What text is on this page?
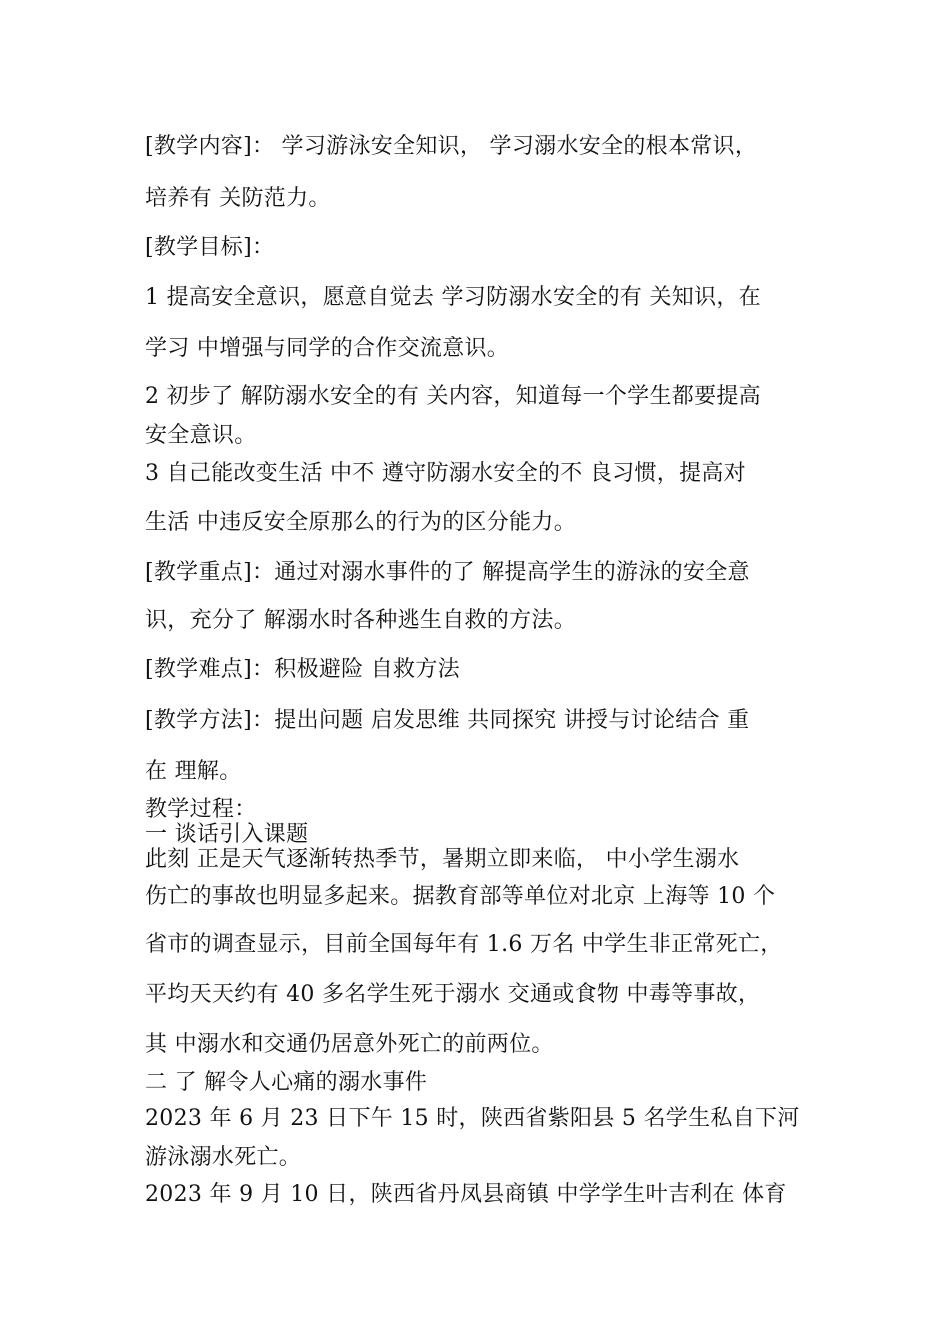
[教学内容]： 学习游泳安全知识， 学习溺水安全的根本常识，
培养有 关防范力。
[教学目标]：
1 提高安全意识，愿意自觉去 学习防溺水安全的有 关知识，在
学习 中增强与同学的合作交流意识。
2 初步了 解防溺水安全的有 关内容，知道每一个学生都要提高
安全意识。
3 自己能改变生活 中不 遵守防溺水安全的不 良习惯，提高对
生活 中违反安全原那么的行为的区分能力。
[教学重点]：通过对溺水事件的了 解提高学生的游泳的安全意
识，充分了 解溺水时各种逃生自救的方法。
[教学难点]：积极避险 自救方法
[教学方法]：提出问题 启发思维 共同探究 讲授与讨论结合 重
在 理解。
教学过程：
一 谈话引入课题
此刻 正是天气逐渐转热季节，暑期立即来临， 中小学生溺水
伤亡的事故也明显多起来。据教育部等单位对北京 上海等 10 个
省市的调查显示，目前全国每年有 1.6 万名 中学生非正常死亡，
平均天天约有 40 多名学生死于溺水 交通或食物 中毒等事故，
其 中溺水和交通仍居意外死亡的前两位。
二 了 解令人心痛的溺水事件
2023 年 6 月 23 日下午 15 时，陕西省紫阳县 5 名学生私自下河
游泳溺水死亡。
2023 年 9 月 10 日，陕西省丹凤县商镇 中学学生叶吉利在 体育
